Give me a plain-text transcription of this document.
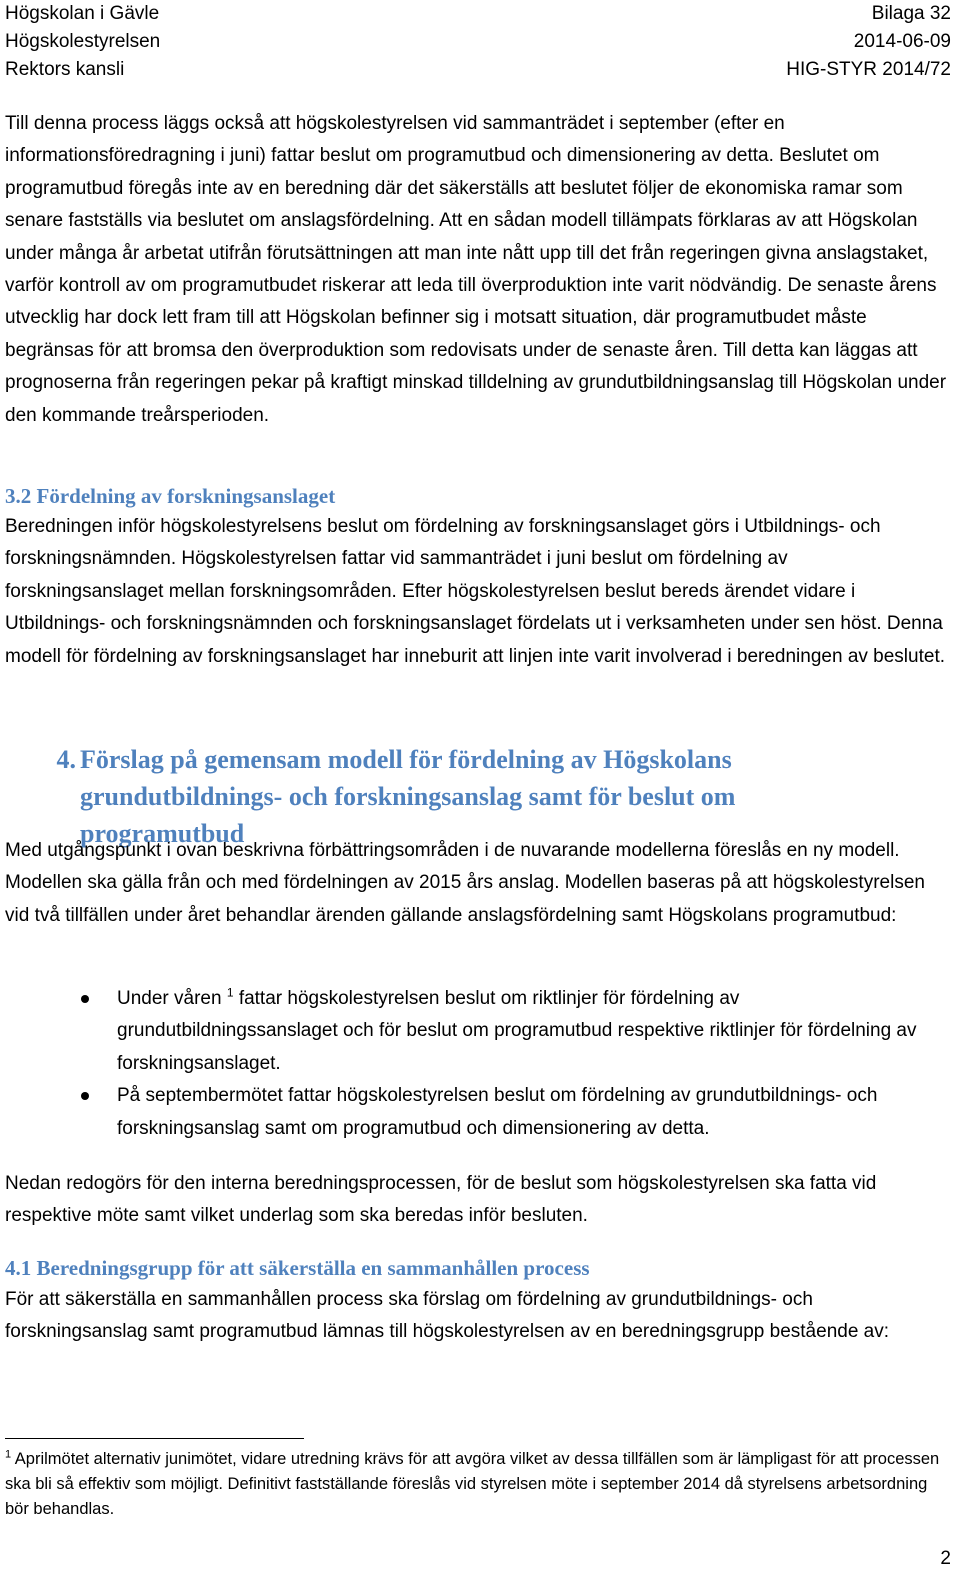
Högskolan i Gävle	Bilaga 32
Högskolestyrelsen	2014-06-09
Rektors kansli	HIG-STYR 2014/72

Till denna process läggs också att högskolestyrelsen vid sammanträdet i september (efter en informationsföredragning i juni) fattar beslut om programutbud och dimensionering av detta. Beslutet om programutbud föregås inte av en beredning där det säkerställs att beslutet följer de ekonomiska ramar som senare fastställs via beslutet om anslagsfördelning. Att en sådan modell tillämpats förklaras av att Högskolan under många år arbetat utifrån förutsättningen att man inte nått upp till det från regeringen givna anslagstaket, varför kontroll av om programutbudet riskerar att leda till överproduktion inte varit nödvändig. De senaste årens utvecklig har dock lett fram till att Högskolan befinner sig i motsatt situation, där programutbudet måste begränsas för att bromsa den överproduktion som redovisats under de senaste åren. Till detta kan läggas att prognoserna från regeringen pekar på kraftigt minskad tilldelning av grundutbildningsanslag till Högskolan under den kommande treårsperioden.

3.2 Fördelning av forskningsanslaget

Beredningen inför högskolestyrelsens beslut om fördelning av forskningsanslaget görs i Utbildnings- och forskningsnämnden. Högskolestyrelsen fattar vid sammanträdet i juni beslut om fördelning av forskningsanslaget mellan forskningsområden. Efter högskolestyrelsen beslut bereds ärendet vidare i Utbildnings- och forskningsnämnden och forskningsanslaget fördelats ut i verksamheten under sen höst. Denna modell för fördelning av forskningsanslaget har inneburit att linjen inte varit involverad i beredningen av beslutet.

4. Förslag på gemensam modell för fördelning av Högskolans grundutbildnings- och forskningsanslag samt för beslut om programutbud

Med utgångspunkt i ovan beskrivna förbättringsområden i de nuvarande modellerna föreslås en ny modell. Modellen ska gälla från och med fördelningen av 2015 års anslag. Modellen baseras på att högskolestyrelsen vid två tillfällen under året behandlar ärenden gällande anslagsfördelning samt Högskolans programutbud:

Under våren $^1$ fattar högskolestyrelsen beslut om riktlinjer för fördelning av grundutbildningssanslaget och för beslut om programutbud respektive riktlinjer för fördelning av forskningsanslaget.
På septembermötet fattar högskolestyrelsen beslut om fördelning av grundutbildnings- och forskningsanslag samt om programutbud och dimensionering av detta.

Nedan redogörs för den interna beredningsprocessen, för de beslut som högskolestyrelsen ska fatta vid respektive möte samt vilket underlag som ska beredas inför besluten.

4.1 Beredningsgrupp för att säkerställa en sammanhållen process

För att säkerställa en sammanhållen process ska förslag om fördelning av grundutbildnings- och forskningsanslag samt programutbud lämnas till högskolestyrelsen av en beredningsgrupp bestående av:

$^1$ Aprilmötet alternativ junimötet, vidare utredning krävs för att avgöra vilket av dessa tillfällen som är lämpligast för att processen ska bli så effektiv som möjligt. Definitivt fastställande föreslås vid styrelsen möte i september 2014 då styrelsens arbetsordning bör behandlas.

2
